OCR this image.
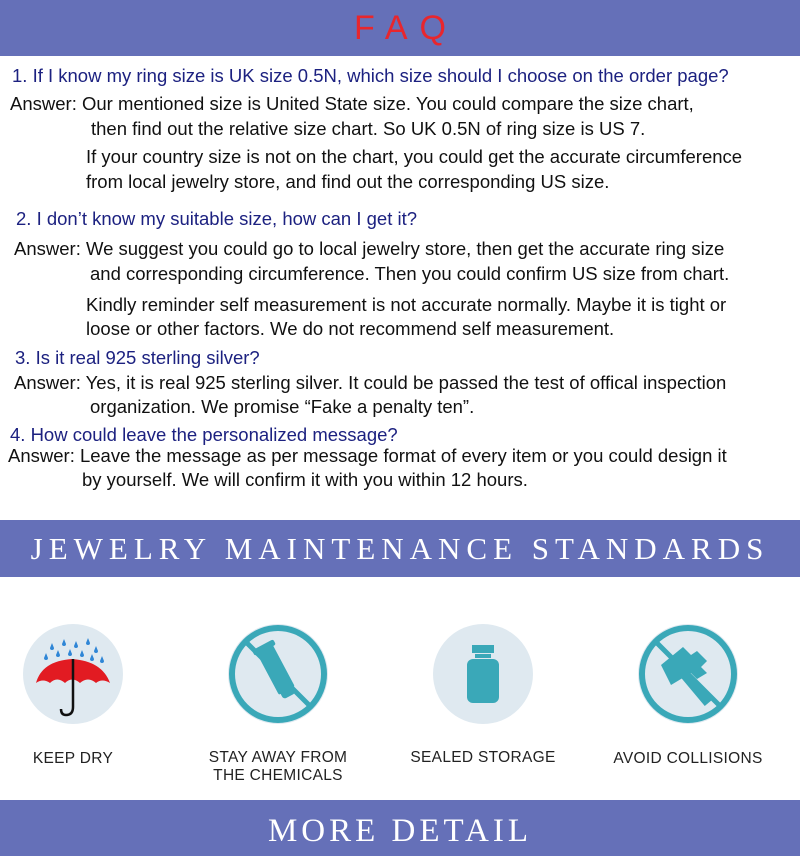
FAQ
1. If I know my ring size is UK size 0.5N, which size should I choose on the order page?
Answer: Our mentioned size is United State size. You could compare the size chart,
then find out the relative size chart. So UK 0.5N of ring size is US 7.
If your country size is not on the chart, you could get the accurate circumference
from local jewelry store, and find out the corresponding US size.
2. I don’t know my suitable size, how can I get it?
Answer: We suggest you could go to local jewelry store, then get the accurate ring size
and corresponding circumference. Then you could confirm US size from chart.
Kindly reminder self measurement is not accurate normally. Maybe it is tight or
loose or other factors. We do not recommend self measurement.
3. Is it real 925 sterling silver?
Answer: Yes, it is real 925 sterling silver. It could be passed the test of offical inspection
organization. We promise “Fake a penalty ten”.
4. How could leave the personalized message?
Answer: Leave the message as per message format of every item or you could design it
by yourself. We will confirm it with you within 12 hours.
JEWELRY MAINTENANCE STANDARDS
KEEP DRY	STAY AWAY FROM
THE CHEMICALS
SEALED STORAGE	AVOID COLLISIONS
MORE DETAIL
